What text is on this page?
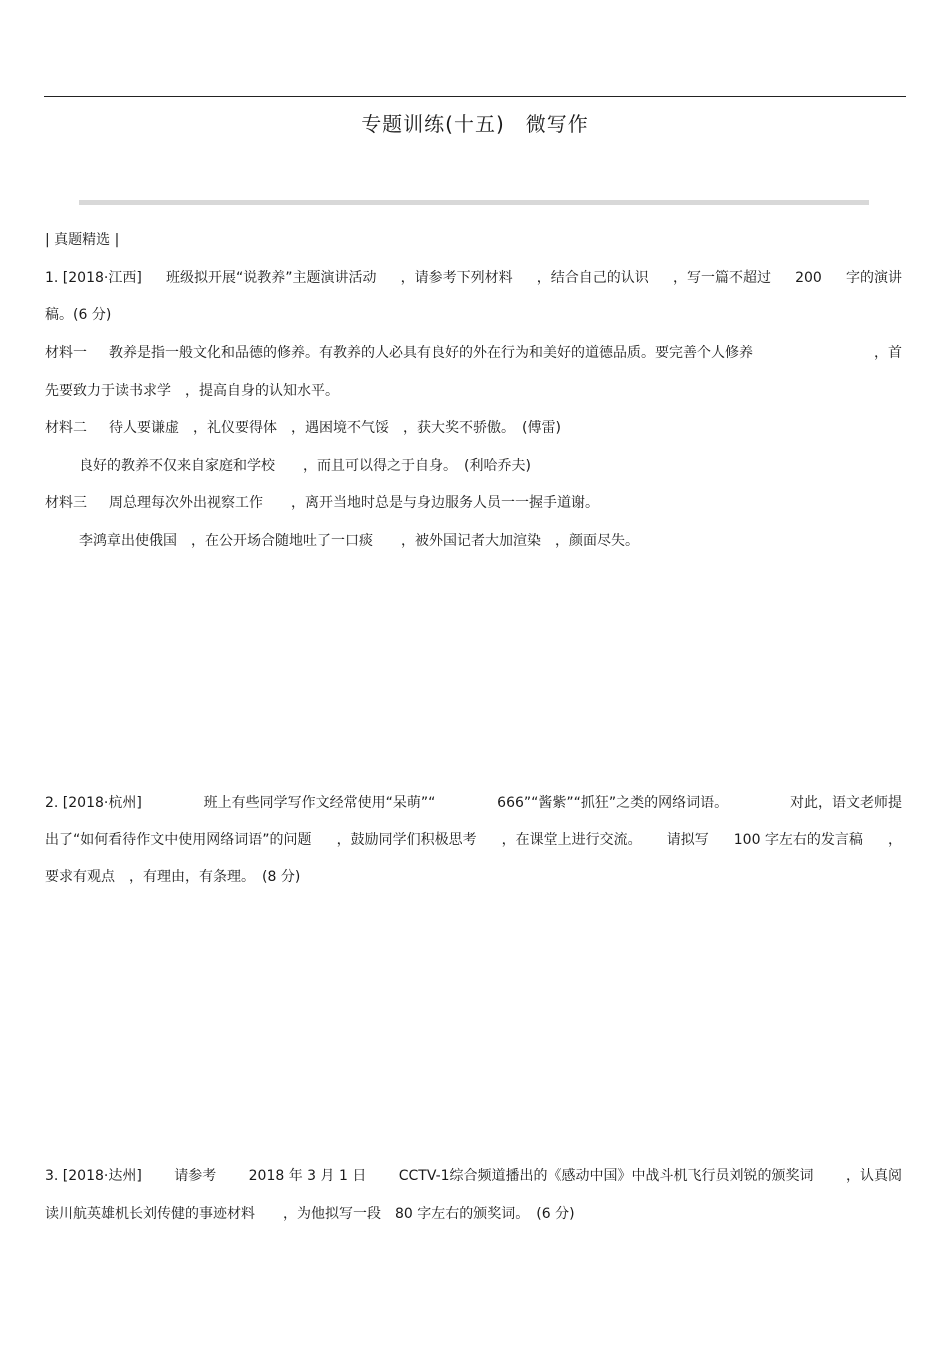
专题训练(十五)　微写作
| 真题精选 |
1. [2018·江西] 班级拟开展“说教养”主题演讲活动 ，请参考下列材料 ，结合自己的认识 ，写一篇不超过 200 字的演讲
稿。(6 分)
材料一 教养是指一般文化和品德的修养。有教养的人必具有良好的外在行为和美好的道德品质。要完善个人修养	，首
先要致力于读书求学　，提高自身的认知水平。
材料二 待人要谦虚　，礼仪要得体　，遇困境不气馁　，获大奖不骄傲。　(傅雷)
良好的教养不仅来自家庭和学校　　，而且可以得之于自身。　(利哈乔夫)
材料三 周总理每次外出视察工作　　，离开当地时总是与身边服务人员一一握手道谢。
李鸿章出使俄国　，在公开场合随地吐了一口痰　　，被外国记者大加渲染　，颜面尽失。
2. [2018·杭州]	班上有些同学写作文经常使用“呆萌”“	666”“酱紫”“抓狂”之类的网络词语。	对此，语文老师提
出了“如何看待作文中使用网络词语”的问题 ，鼓励同学们积极思考 ，在课堂上进行交流。 请拟写 100 字左右的发言稿 ，
要求有观点　，有理由，有条理。　(8 分)
3. [2018·达州] 请参考 2018 年 3 月 1 日 CCTV-1综合频道播出的《感动中国》中战斗机飞行员刘锐的颁奖词 ，认真阅
读川航英雄机长刘传健的事迹材料　　，为他拟写一段　80 字左右的颁奖词。　(6 分)
